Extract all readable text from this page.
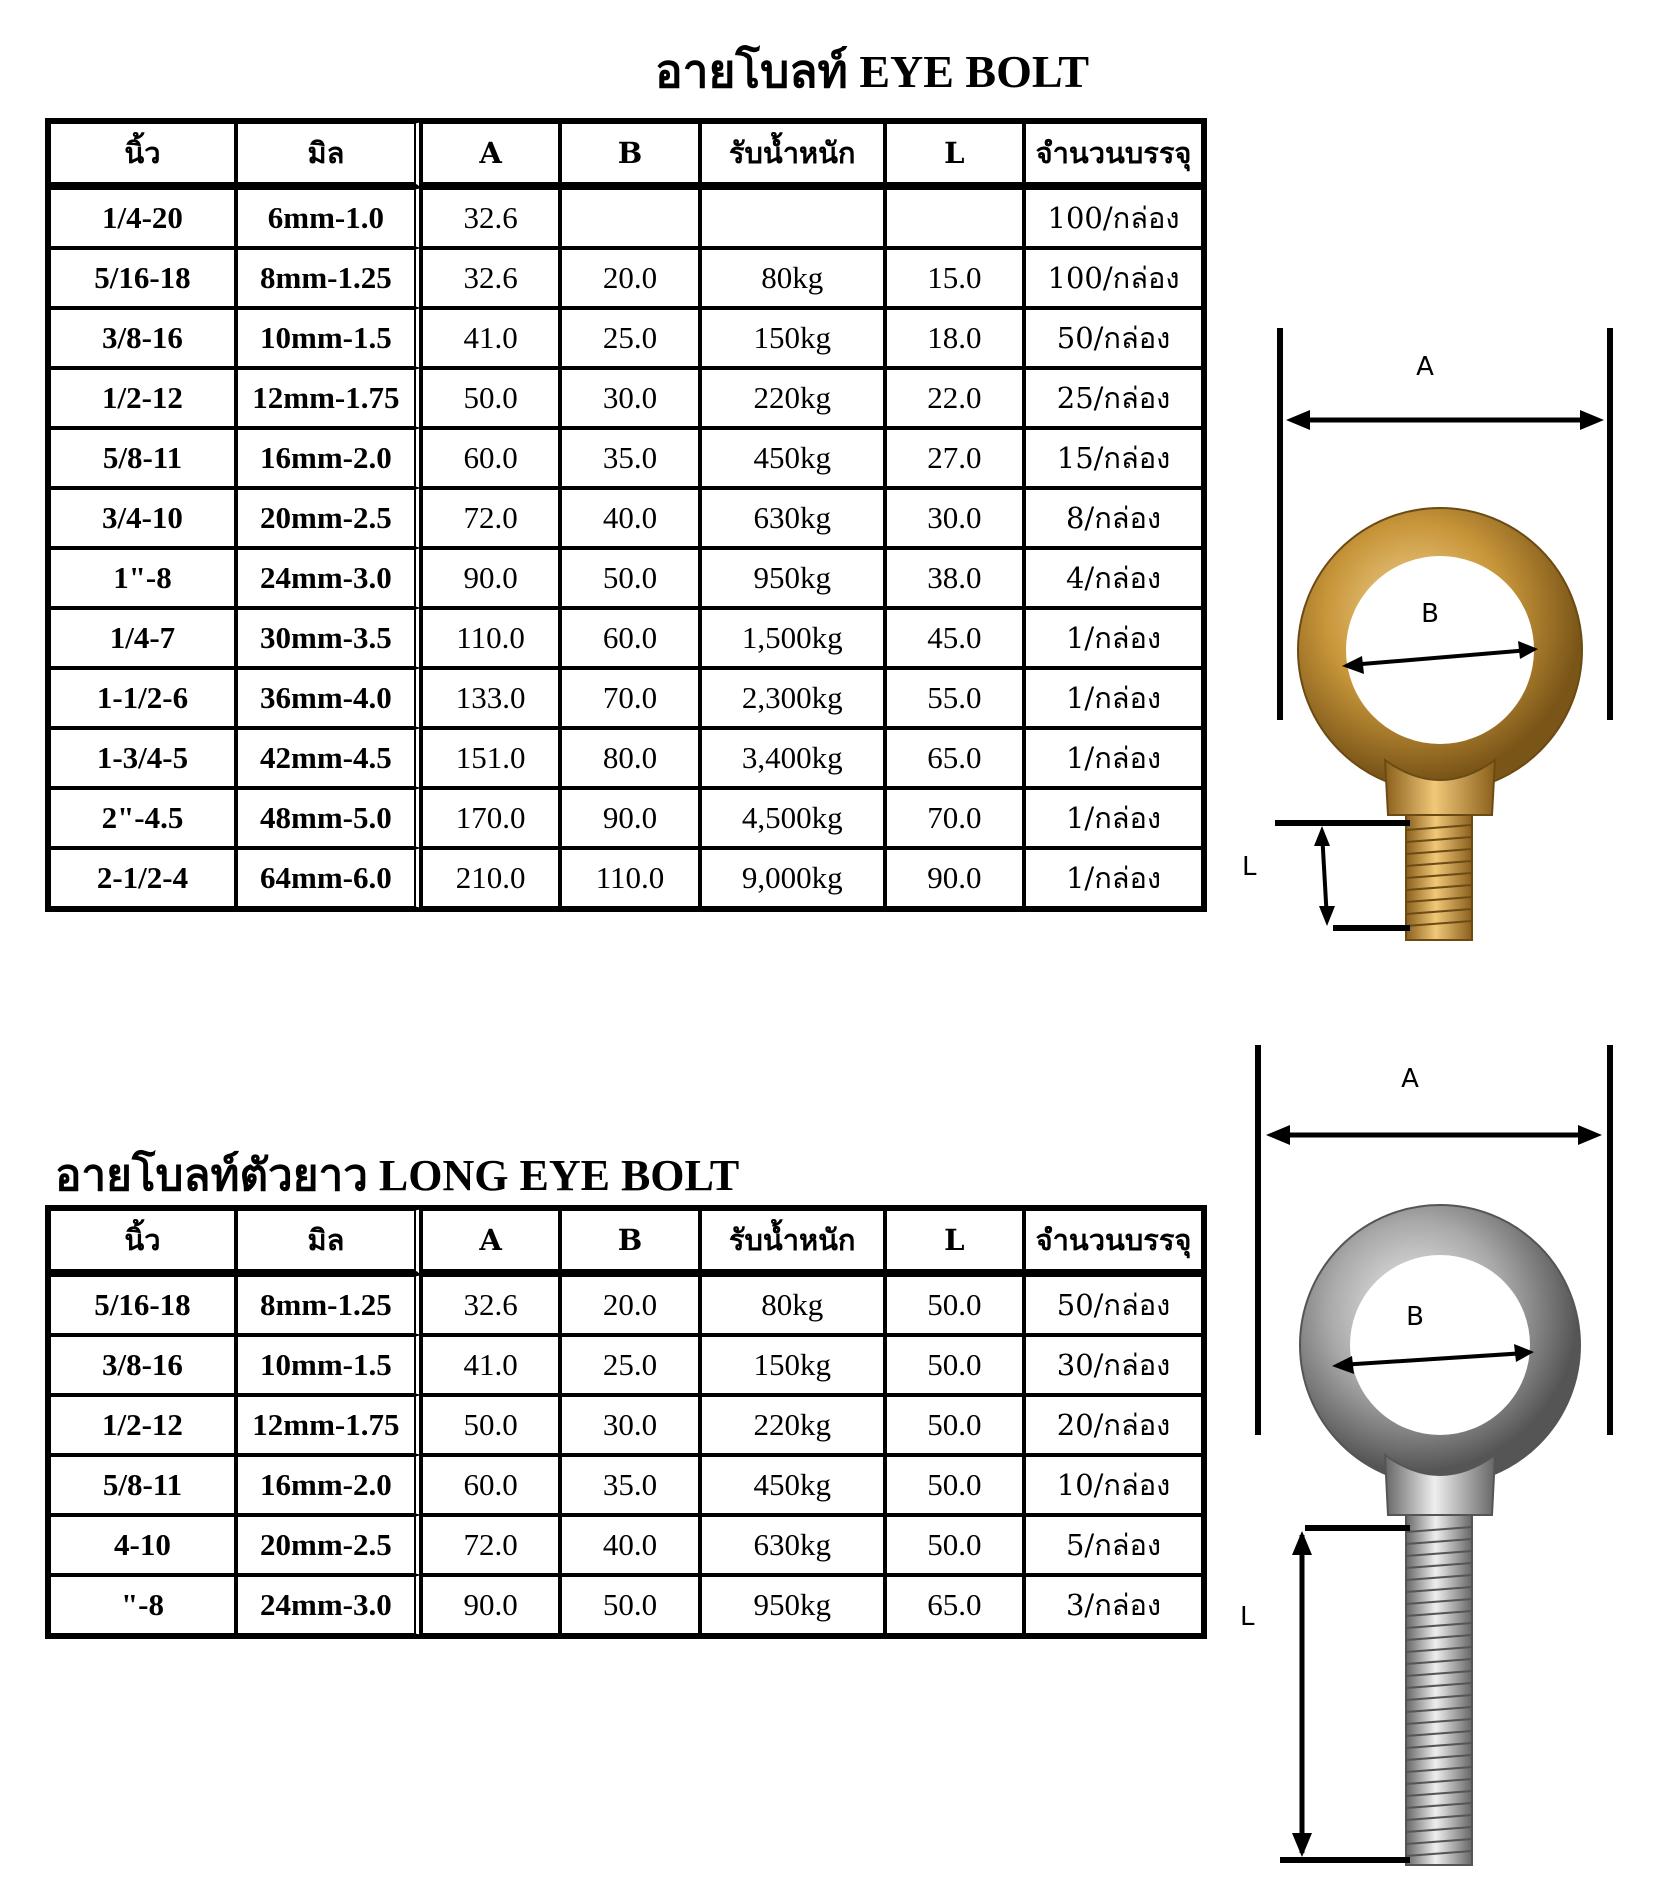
อายโบลท์ EYE BOLT
นิ้ว	มิล	A	B	รับน้ำหนัก	L	จำนวนบรรจุ
1/4-20	6mm-1.0	32.6				100/กล่อง
5/16-18	8mm-1.25	32.6	20.0	80kg	15.0	100/กล่อง
3/8-16	10mm-1.5	41.0	25.0	150kg	18.0	50/กล่อง
1/2-12	12mm-1.75	50.0	30.0	220kg	22.0	25/กล่อง
5/8-11	16mm-2.0	60.0	35.0	450kg	27.0	15/กล่อง
3/4-10	20mm-2.5	72.0	40.0	630kg	30.0	8/กล่อง
1"-8	24mm-3.0	90.0	50.0	950kg	38.0	4/กล่อง
1/4-7	30mm-3.5	110.0	60.0	1,500kg	45.0	1/กล่อง
1-1/2-6	36mm-4.0	133.0	70.0	2,300kg	55.0	1/กล่อง
1-3/4-5	42mm-4.5	151.0	80.0	3,400kg	65.0	1/กล่อง
2"-4.5	48mm-5.0	170.0	90.0	4,500kg	70.0	1/กล่อง
2-1/2-4	64mm-6.0	210.0	110.0	9,000kg	90.0	1/กล่อง
อายโบลท์ตัวยาว LONG EYE BOLT
นิ้ว	มิล	A	B	รับน้ำหนัก	L	จำนวนบรรจุ
5/16-18	8mm-1.25	32.6	20.0	80kg	50.0	50/กล่อง
3/8-16	10mm-1.5	41.0	25.0	150kg	50.0	30/กล่อง
1/2-12	12mm-1.75	50.0	30.0	220kg	50.0	20/กล่อง
5/8-11	16mm-2.0	60.0	35.0	450kg	50.0	10/กล่อง
4-10	20mm-2.5	72.0	40.0	630kg	50.0	5/กล่อง
"-8	24mm-3.0	90.0	50.0	950kg	65.0	3/กล่อง
A
B
L
A
B
L
